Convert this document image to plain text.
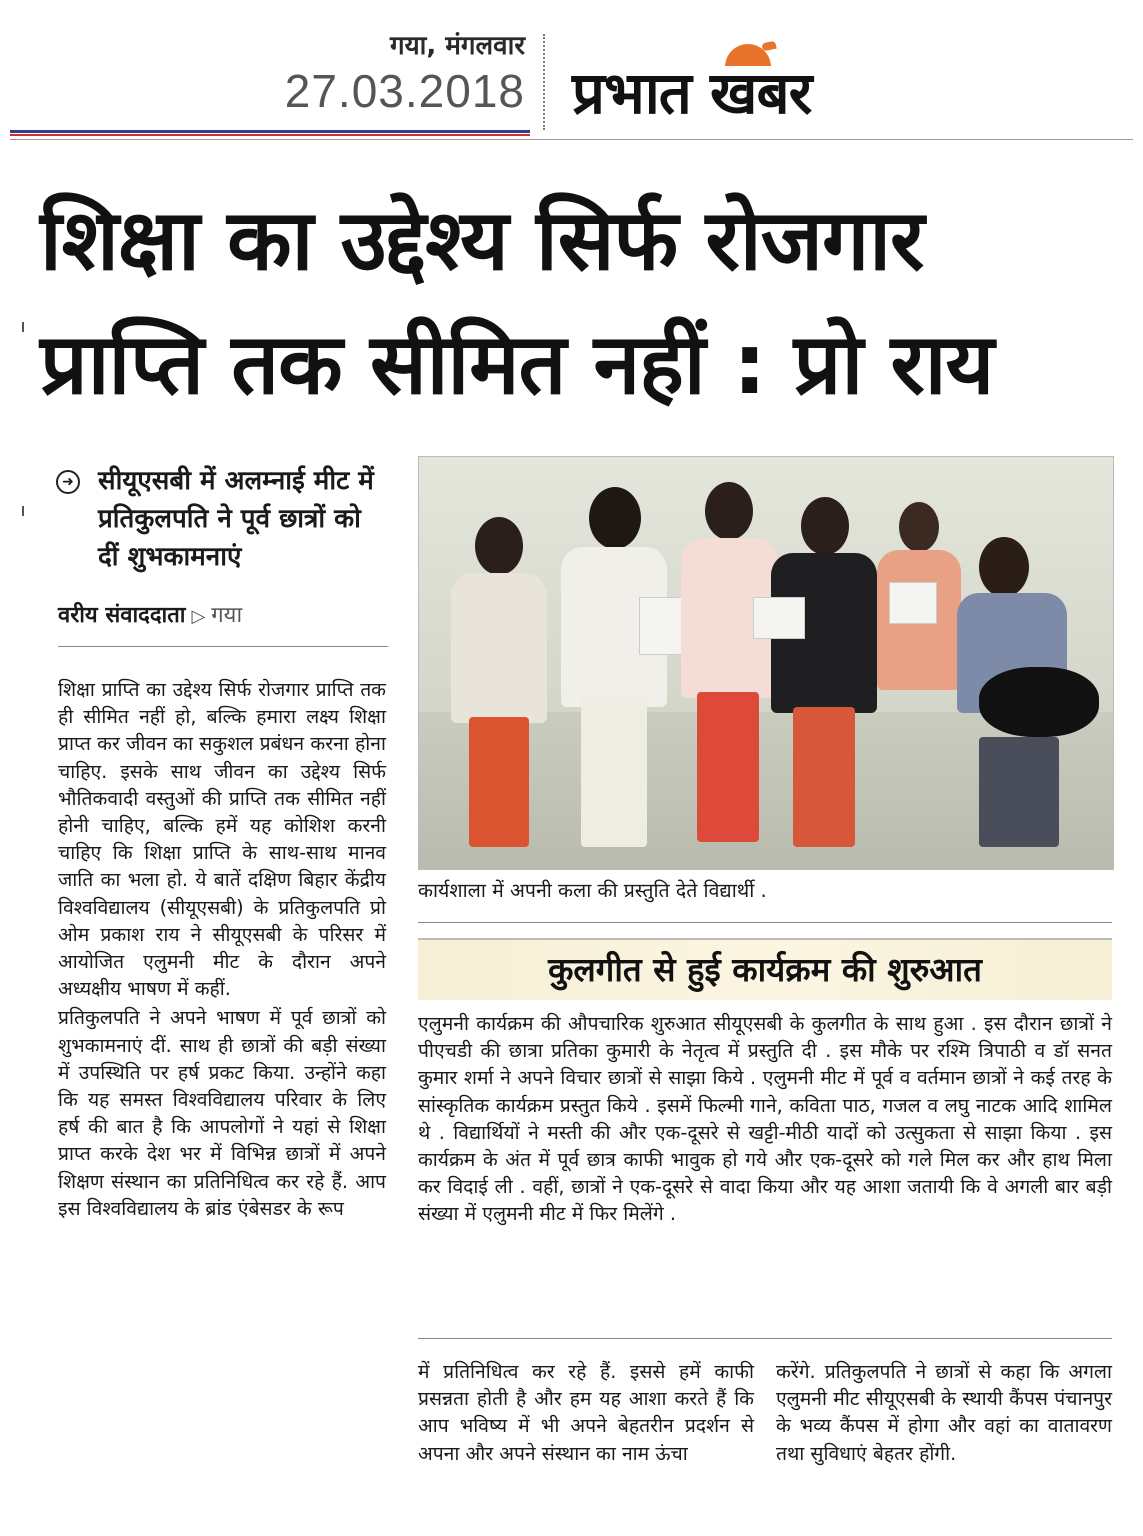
गया, मंगलवार
27.03.2018 प्रभात खबर
शिक्षा का उद्देश्य सिर्फ रोजगार
प्राप्ति तक सीमित नहीं : प्रो राय
➜ सीयूएसबी में अलम्नाई मीट में प्रतिकुलपति ने पूर्व छात्रों को दीं शुभकामनाएं
वरीय संवाददाता ▷ गया

शिक्षा प्राप्ति का उद्देश्य सिर्फ रोजगार प्राप्ति तक ही सीमित नहीं हो, बल्कि हमारा लक्ष्य शिक्षा प्राप्त कर जीवन का सकुशल प्रबंधन करना होना चाहिए. इसके साथ जीवन का उद्देश्य सिर्फ भौतिकवादी वस्तुओं की प्राप्ति तक सीमित नहीं होनी चाहिए, बल्कि हमें यह कोशिश करनी चाहिए कि शिक्षा प्राप्ति के साथ-साथ मानव जाति का भला हो. ये बातें दक्षिण बिहार केंद्रीय विश्वविद्यालय (सीयूएसबी) के प्रतिकुलपति प्रो ओम प्रकाश राय ने सीयूएसबी के परिसर में आयोजित एलुमनी मीट के दौरान अपने अध्यक्षीय भाषण में कहीं.

प्रतिकुलपति ने अपने भाषण में पूर्व छात्रों को शुभकामनाएं दीं. साथ ही छात्रों की बड़ी संख्या में उपस्थिति पर हर्ष प्रकट किया. उन्होंने कहा कि यह समस्त विश्वविद्यालय परिवार के लिए हर्ष की बात है कि आपलोगों ने यहां से शिक्षा प्राप्त करके देश भर में विभिन्न छात्रों में अपने शिक्षण संस्थान का प्रतिनिधित्व कर रहे हैं. आप इस विश्वविद्यालय के ब्रांड एंबेसडर के रूप

कार्यशाला में अपनी कला की प्रस्तुति देते विद्यार्थी .
कुलगीत से हुई कार्यक्रम की शुरुआत

एलुमनी कार्यक्रम की औपचारिक शुरुआत सीयूएसबी के कुलगीत के साथ हुआ . इस दौरान छात्रों ने पीएचडी की छात्रा प्रतिका कुमारी के नेतृत्व में प्रस्तुति दी . इस मौके पर रश्मि त्रिपाठी व डॉ सनत कुमार शर्मा ने अपने विचार छात्रों से साझा किये . एलुमनी मीट में पूर्व व वर्तमान छात्रों ने कई तरह के सांस्कृतिक कार्यक्रम प्रस्तुत किये . इसमें फिल्मी गाने, कविता पाठ, गजल व लघु नाटक आदि शामिल थे . विद्यार्थियों ने मस्ती की और एक-दूसरे से खट्टी-मीठी यादों को उत्सुकता से साझा किया . इस कार्यक्रम के अंत में पूर्व छात्र काफी भावुक हो गये और एक-दूसरे को गले मिल कर और हाथ मिला कर विदाई ली . वहीं, छात्रों ने एक-दूसरे से वादा किया और यह आशा जतायी कि वे अगली बार बड़ी संख्या में एलुमनी मीट में फिर मिलेंगे .

में प्रतिनिधित्व कर रहे हैं. इससे हमें काफी प्रसन्नता होती है और हम यह आशा करते हैं कि आप भविष्य में भी अपने बेहतरीन प्रदर्शन से अपना और अपने संस्थान का नाम ऊंचा

करेंगे. प्रतिकुलपति ने छात्रों से कहा कि अगला एलुमनी मीट सीयूएसबी के स्थायी कैंपस पंचानपुर के भव्य कैंपस में होगा और वहां का वातावरण तथा सुविधाएं बेहतर होंगी.
